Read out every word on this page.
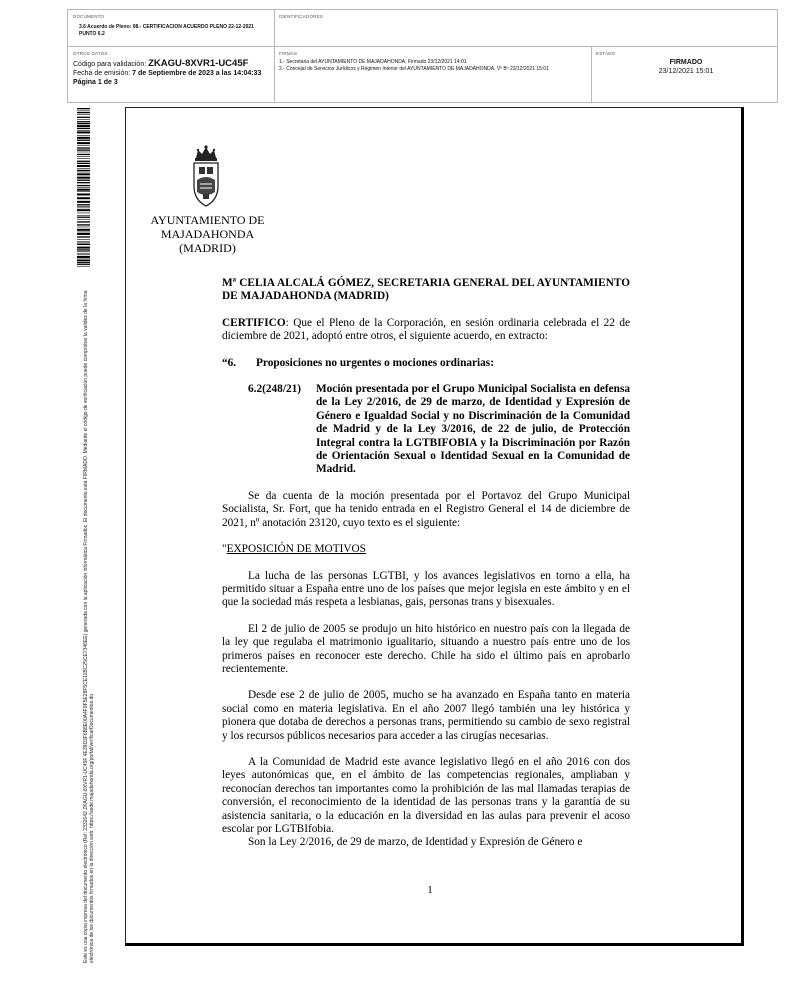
DOCUMENTO
3.6 Acuerdo de Pleno: 08.- CERTIFICACION ACUERDO PLENO 22-12-2021 PUNTO 6.2
IDENTIFICADORES
OTROS DATOS
Código para validación: ZKAGU-8XVR1-UC45F
Fecha de emisión: 7 de Septiembre de 2023 a las 14:04:33
Página 1 de 3
FIRMAS
1.- Secretaria del AYUNTAMIENTO DE MAJADAHONDA. Firmado 23/12/2021 14:01
2.- Concejal de Servicios Jurídicos y Régimen Interior del AYUNTAMIENTO DE MAJADAHONDA. Vº Bº 23/12/2021 15:01
ESTADO
FIRMADO
23/12/2021 15:01
Este es una copia impresa del documento electrónico (Ref: 2332642 ZKAGU-8XVR1-UC45F 4E39D3F6B8E00A4F9F5E28F5CE11BC25CE7346EE) generada con la aplicación informática Firmadoc. El documento está FIRMADO. Mediante el código de verificación puede comprobar la validez de la firma electrónica de los documentos firmados en la dirección web: https://sede.majadahonda.org/portal/verificarDocumentos.do
AYUNTAMIENTO DE
MAJADAHONDA
(MADRID)

Mª CELIA ALCALÁ GÓMEZ, SECRETARIA GENERAL DEL AYUNTAMIENTO DE MAJADAHONDA (MADRID)

CERTIFICO: Que el Pleno de la Corporación, en sesión ordinaria celebrada el 22 de diciembre de 2021, adoptó entre otros, el siguiente acuerdo, en extracto:

“6. Proposiciones no urgentes o mociones ordinarias:

6.2(248/21)	Moción presentada por el Grupo Municipal Socialista en defensa de la Ley 2/2016, de 29 de marzo, de Identidad y Expresión de Género e Igualdad Social y no Discriminación de la Comunidad de Madrid y de la Ley 3/2016, de 22 de julio, de Protección Integral contra la LGTBIFOBIA y la Discriminación por Razón de Orientación Sexual o Identidad Sexual en la Comunidad de Madrid.

Se da cuenta de la moción presentada por el Portavoz del Grupo Municipal Socialista, Sr. Fort, que ha tenido entrada en el Registro General el 14 de diciembre de 2021, nº anotación 23120, cuyo texto es el siguiente:

"EXPOSICIÓN DE MOTIVOS

La lucha de las personas LGTBI, y los avances legislativos en torno a ella, ha permitido situar a España entre uno de los países que mejor legisla en este ámbito y en el que la sociedad más respeta a lesbianas, gais, personas trans y bisexuales.

El 2 de julio de 2005 se produjo un hito histórico en nuestro país con la llegada de la ley que regulaba el matrimonio igualitario, situando a nuestro país entre uno de los primeros países en reconocer este derecho. Chile ha sido el último país en aprobarlo recientemente.

Desde ese 2 de julio de 2005, mucho se ha avanzado en España tanto en materia social como en materia legislativa. En el año 2007 llegó también una ley histórica y pionera que dotaba de derechos a personas trans, permitiendo su cambio de sexo registral y los recursos públicos necesarios para acceder a las cirugías necesarias.

A la Comunidad de Madrid este avance legislativo llegó en el año 2016 con dos leyes autonómicas que, en el ámbito de las competencias regionales, ampliaban y reconocían derechos tan importantes como la prohibición de las mal llamadas terapias de conversión, el reconocimiento de la identidad de las personas trans y la garantía de su asistencia sanitaria, o la educación en la diversidad en las aulas para prevenir el acoso escolar por LGTBIfobia.

Son la Ley 2/2016, de 29 de marzo, de Identidad y Expresión de Género e

1
